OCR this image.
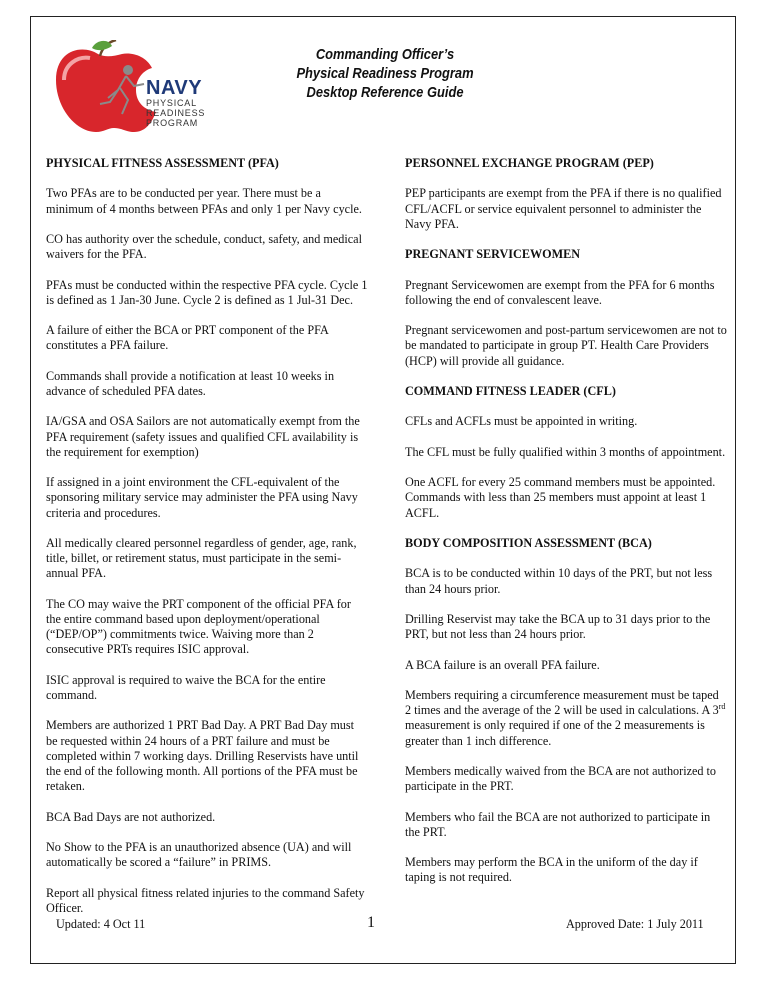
NAVY
PHYSICAL
READINESS
PROGRAM
Commanding Officer’s
Physical Readiness Program
Desktop Reference Guide
PHYSICAL FITNESS ASSESSMENT (PFA)

Two PFAs are to be conducted per year. There must be a minimum of 4 months between PFAs and only 1 per Navy cycle.

CO has authority over the schedule, conduct, safety, and medical waivers for the PFA.

PFAs must be conducted within the respective PFA cycle. Cycle 1 is defined as 1 Jan-30 June. Cycle 2 is defined as 1 Jul-31 Dec.

A failure of either the BCA or PRT component of the PFA constitutes a PFA failure.

Commands shall provide a notification at least 10 weeks in advance of scheduled PFA dates.

IA/GSA and OSA Sailors are not automatically exempt from the PFA requirement (safety issues and qualified CFL availability is the requirement for exemption)

If assigned in a joint environment the CFL-equivalent of the sponsoring military service may administer the PFA using Navy criteria and procedures.

All medically cleared personnel regardless of gender, age, rank, title, billet, or retirement status, must participate in the semi-annual PFA.

The CO may waive the PRT component of the official PFA for the entire command based upon deployment/operational (“DEP/OP”) commitments twice. Waiving more than 2 consecutive PRTs requires ISIC approval.

ISIC approval is required to waive the BCA for the entire command.

Members are authorized 1 PRT Bad Day. A PRT Bad Day must be requested within 24 hours of a PRT failure and must be completed within 7 working days. Drilling Reservists have until the end of the following month. All portions of the PFA must be retaken.

BCA Bad Days are not authorized.

No Show to the PFA is an unauthorized absence (UA) and will automatically be scored a “failure” in PRIMS.

Report all physical fitness related injuries to the command Safety Officer.

PERSONNEL EXCHANGE PROGRAM (PEP)

PEP participants are exempt from the PFA if there is no qualified CFL/ACFL or service equivalent personnel to administer the Navy PFA.

PREGNANT SERVICEWOMEN

Pregnant Servicewomen are exempt from the PFA for 6 months following the end of convalescent leave.

Pregnant servicewomen and post-partum servicewomen are not to be mandated to participate in group PT. Health Care Providers (HCP) will provide all guidance.

COMMAND FITNESS LEADER (CFL)

CFLs and ACFLs must be appointed in writing.

The CFL must be fully qualified within 3 months of appointment.

One ACFL for every 25 command members must be appointed. Commands with less than 25 members must appoint at least 1 ACFL.

BODY COMPOSITION ASSESSMENT (BCA)

BCA is to be conducted within 10 days of the PRT, but not less than 24 hours prior.

Drilling Reservist may take the BCA up to 31 days prior to the PRT, but not less than 24 hours prior.

A BCA failure is an overall PFA failure.

Members requiring a circumference measurement must be taped 2 times and the average of the 2 will be used in calculations. A 3rd measurement is only required if one of the 2 measurements is greater than 1 inch difference.

Members medically waived from the BCA are not authorized to participate in the PRT.

Members who fail the BCA are not authorized to participate in the PRT.

Members may perform the BCA in the uniform of the day if taping is not required.

Updated: 4 Oct 11	1	Approved Date: 1 July 2011
